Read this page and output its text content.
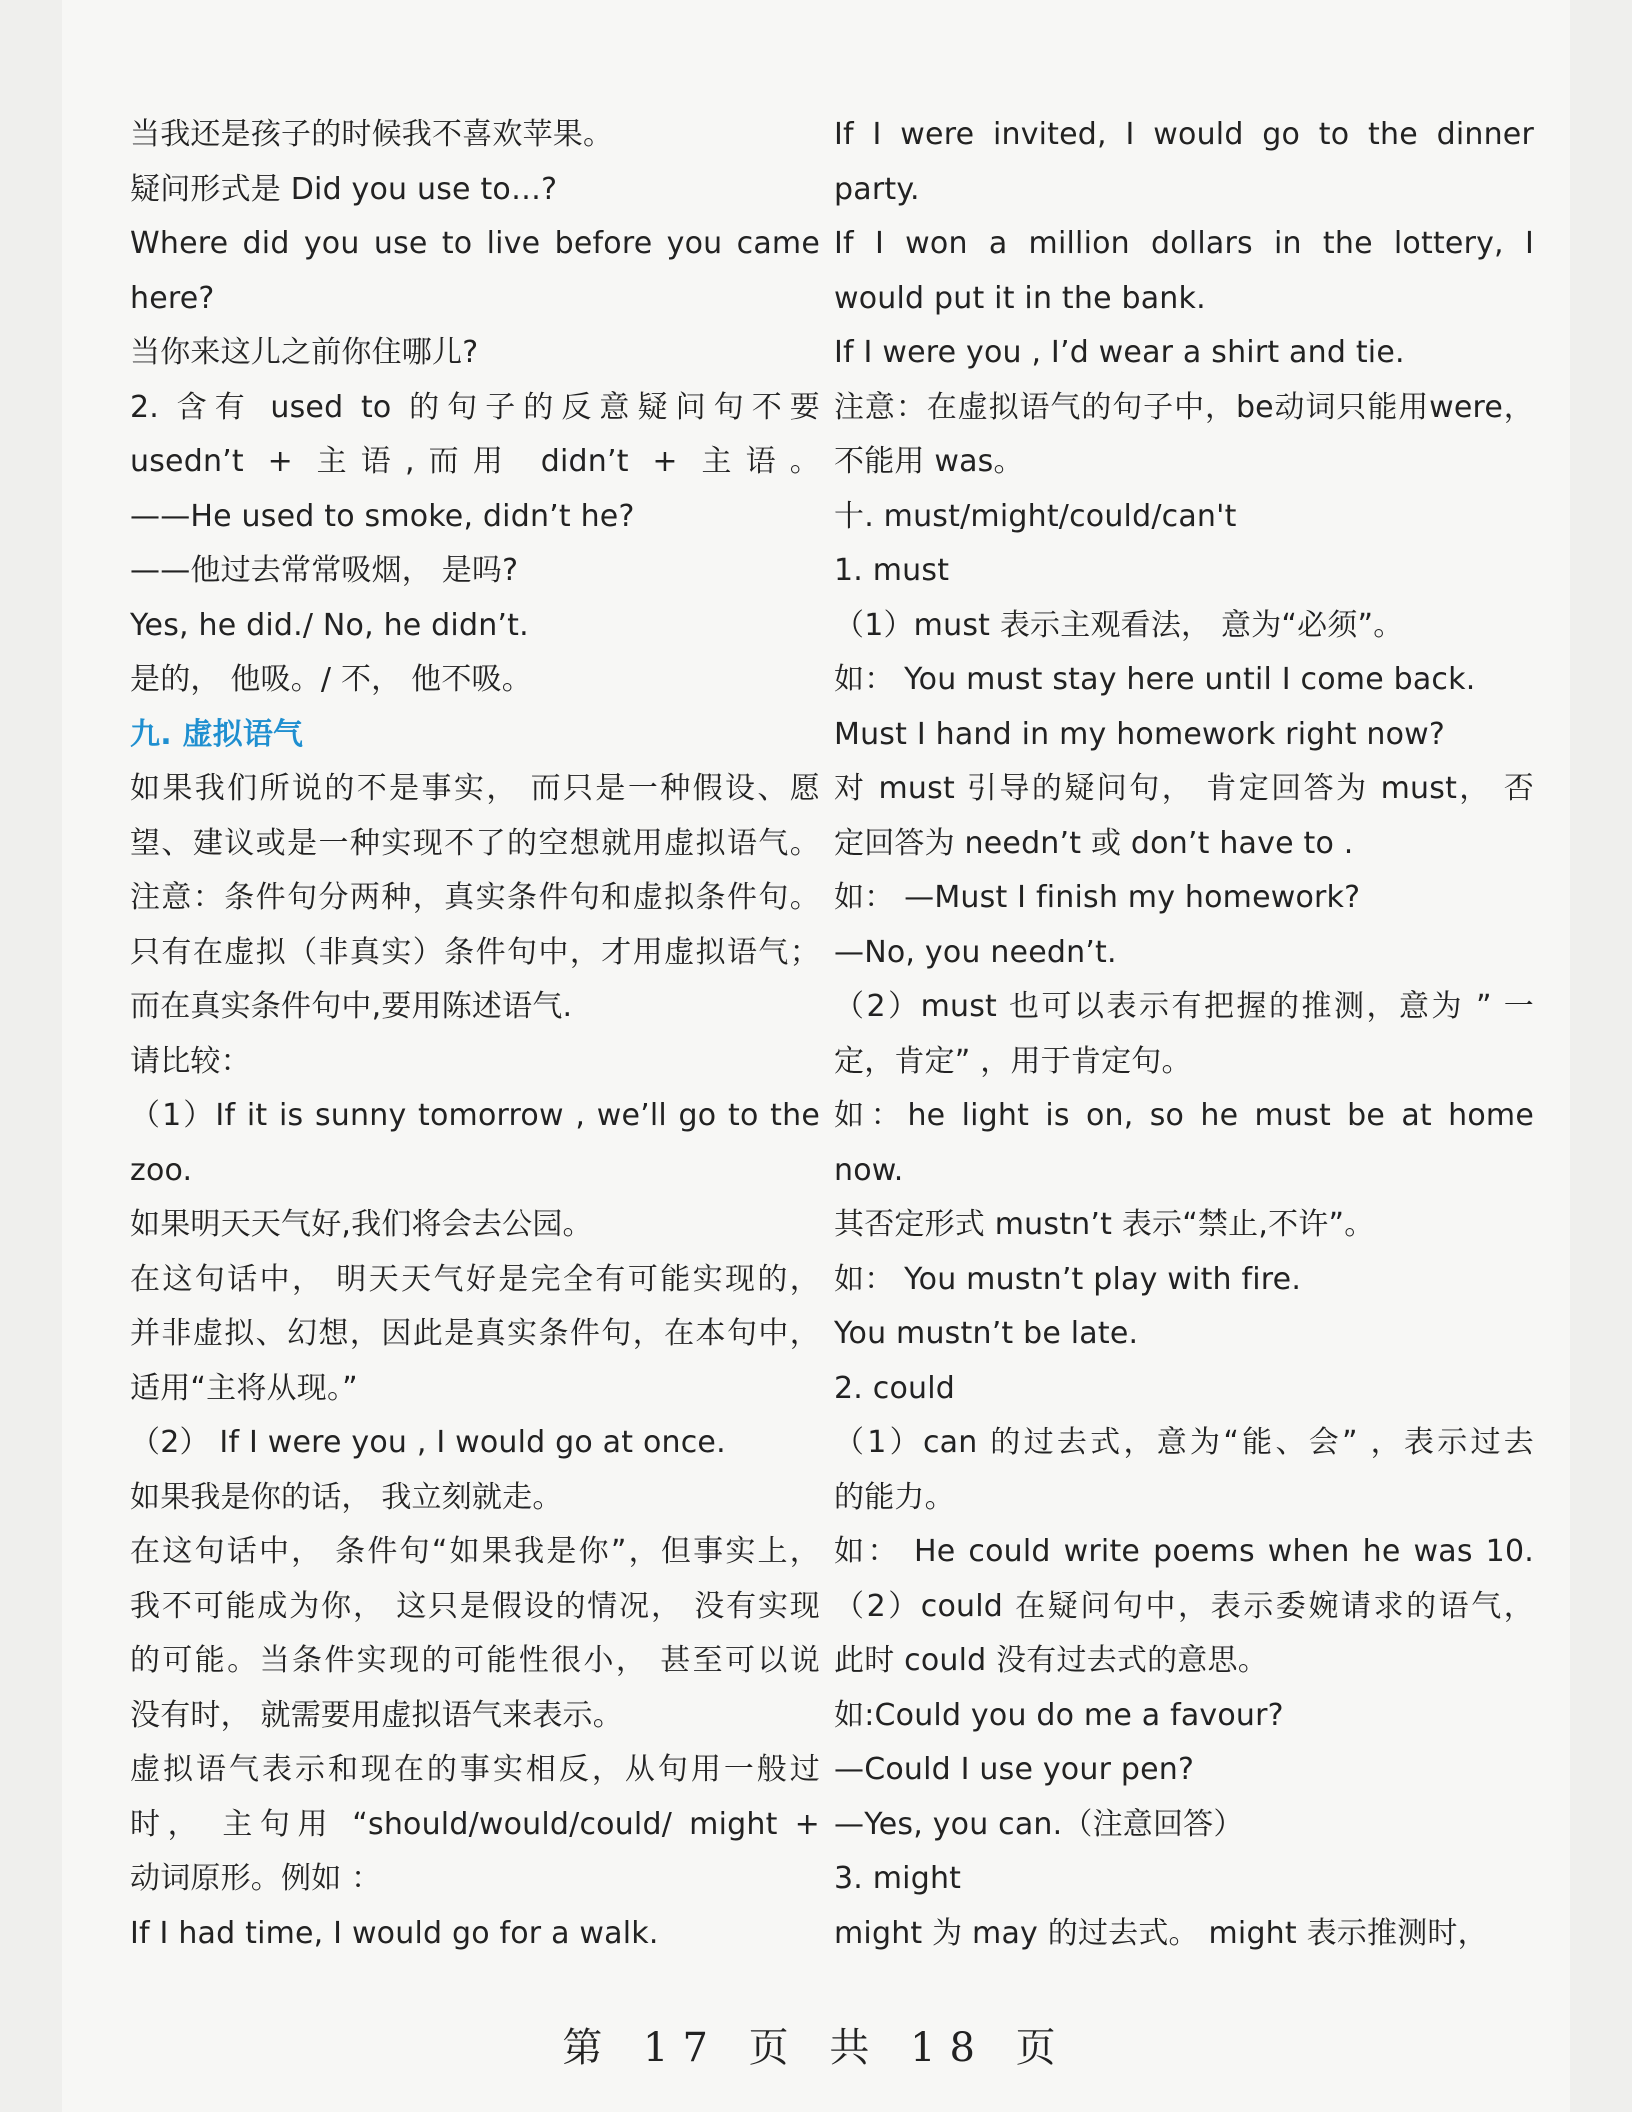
当我还是孩子的时候我不喜欢苹果。

疑问形式是 Did you use to…?

Where did you use to live before you came

here?

当你来这儿之前你住哪儿?

2. 含有 used to 的句子的反意疑问句不要

usedn’t + 主语,而用 didn’t + 主语。

——He used to smoke, didn’t he?

——他过去常常吸烟， 是吗?

Yes, he did./ No, he didn’t.

是的， 他吸。/ 不， 他不吸。

九. 虚拟语气

如果我们所说的不是事实， 而只是一种假设、愿

望、建议或是一种实现不了的空想就用虚拟语气。

注意：条件句分两种，真实条件句和虚拟条件句。

只有在虚拟（非真实）条件句中，才用虚拟语气；

而在真实条件句中,要用陈述语气.

请比较：

（1）If it is sunny tomorrow , we’ll go to the

zoo.

如果明天天气好,我们将会去公园。

在这句话中， 明天天气好是完全有可能实现的，

并非虚拟、幻想，因此是真实条件句，在本句中，

适用“主将从现。”

（2） If I were you , I would go at once.

如果我是你的话， 我立刻就走。

在这句话中， 条件句“如果我是你”，但事实上，

我不可能成为你， 这只是假设的情况， 没有实现

的可能。当条件实现的可能性很小， 甚至可以说

没有时， 就需要用虚拟语气来表示。

虚拟语气表示和现在的事实相反，从句用一般过

时， 主句用 “should/would/could/ might +

动词原形。例如 ：

If I had time, I would go for a walk.

If I were invited, I would go to the dinner

party.

If I won a million dollars in the lottery, I

would put it in the bank.

If I were you , I’d wear a shirt and tie.

注意：在虚拟语气的句子中，be动词只能用were，

不能用 was。

十. must/might/could/can't

1. must

（1）must 表示主观看法， 意为“必须”。

如： You must stay here until I come back.

Must I hand in my homework right now?

对 must 引导的疑问句， 肯定回答为 must， 否

定回答为 needn’t 或 don’t have to .

如： —Must I finish my homework?

—No, you needn’t.

（2）must 也可以表示有把握的推测，意为 ” 一

定，肯定” ，用于肯定句。

如：he light is on, so he must be at home

now.

其否定形式 mustn’t 表示“禁止,不许”。

如： You mustn’t play with fire.

You mustn’t be late.

2. could

（1）can 的过去式，意为“能、会” ，表示过去

的能力。

如： He could write poems when he was 10.

（2）could 在疑问句中，表示委婉请求的语气，

此时 could 没有过去式的意思。

如:Could you do me a favour?

—Could I use your pen?

—Yes, you can.（注意回答）

3. might

might 为 may 的过去式。 might 表示推测时，

第 17 页 共 18 页
